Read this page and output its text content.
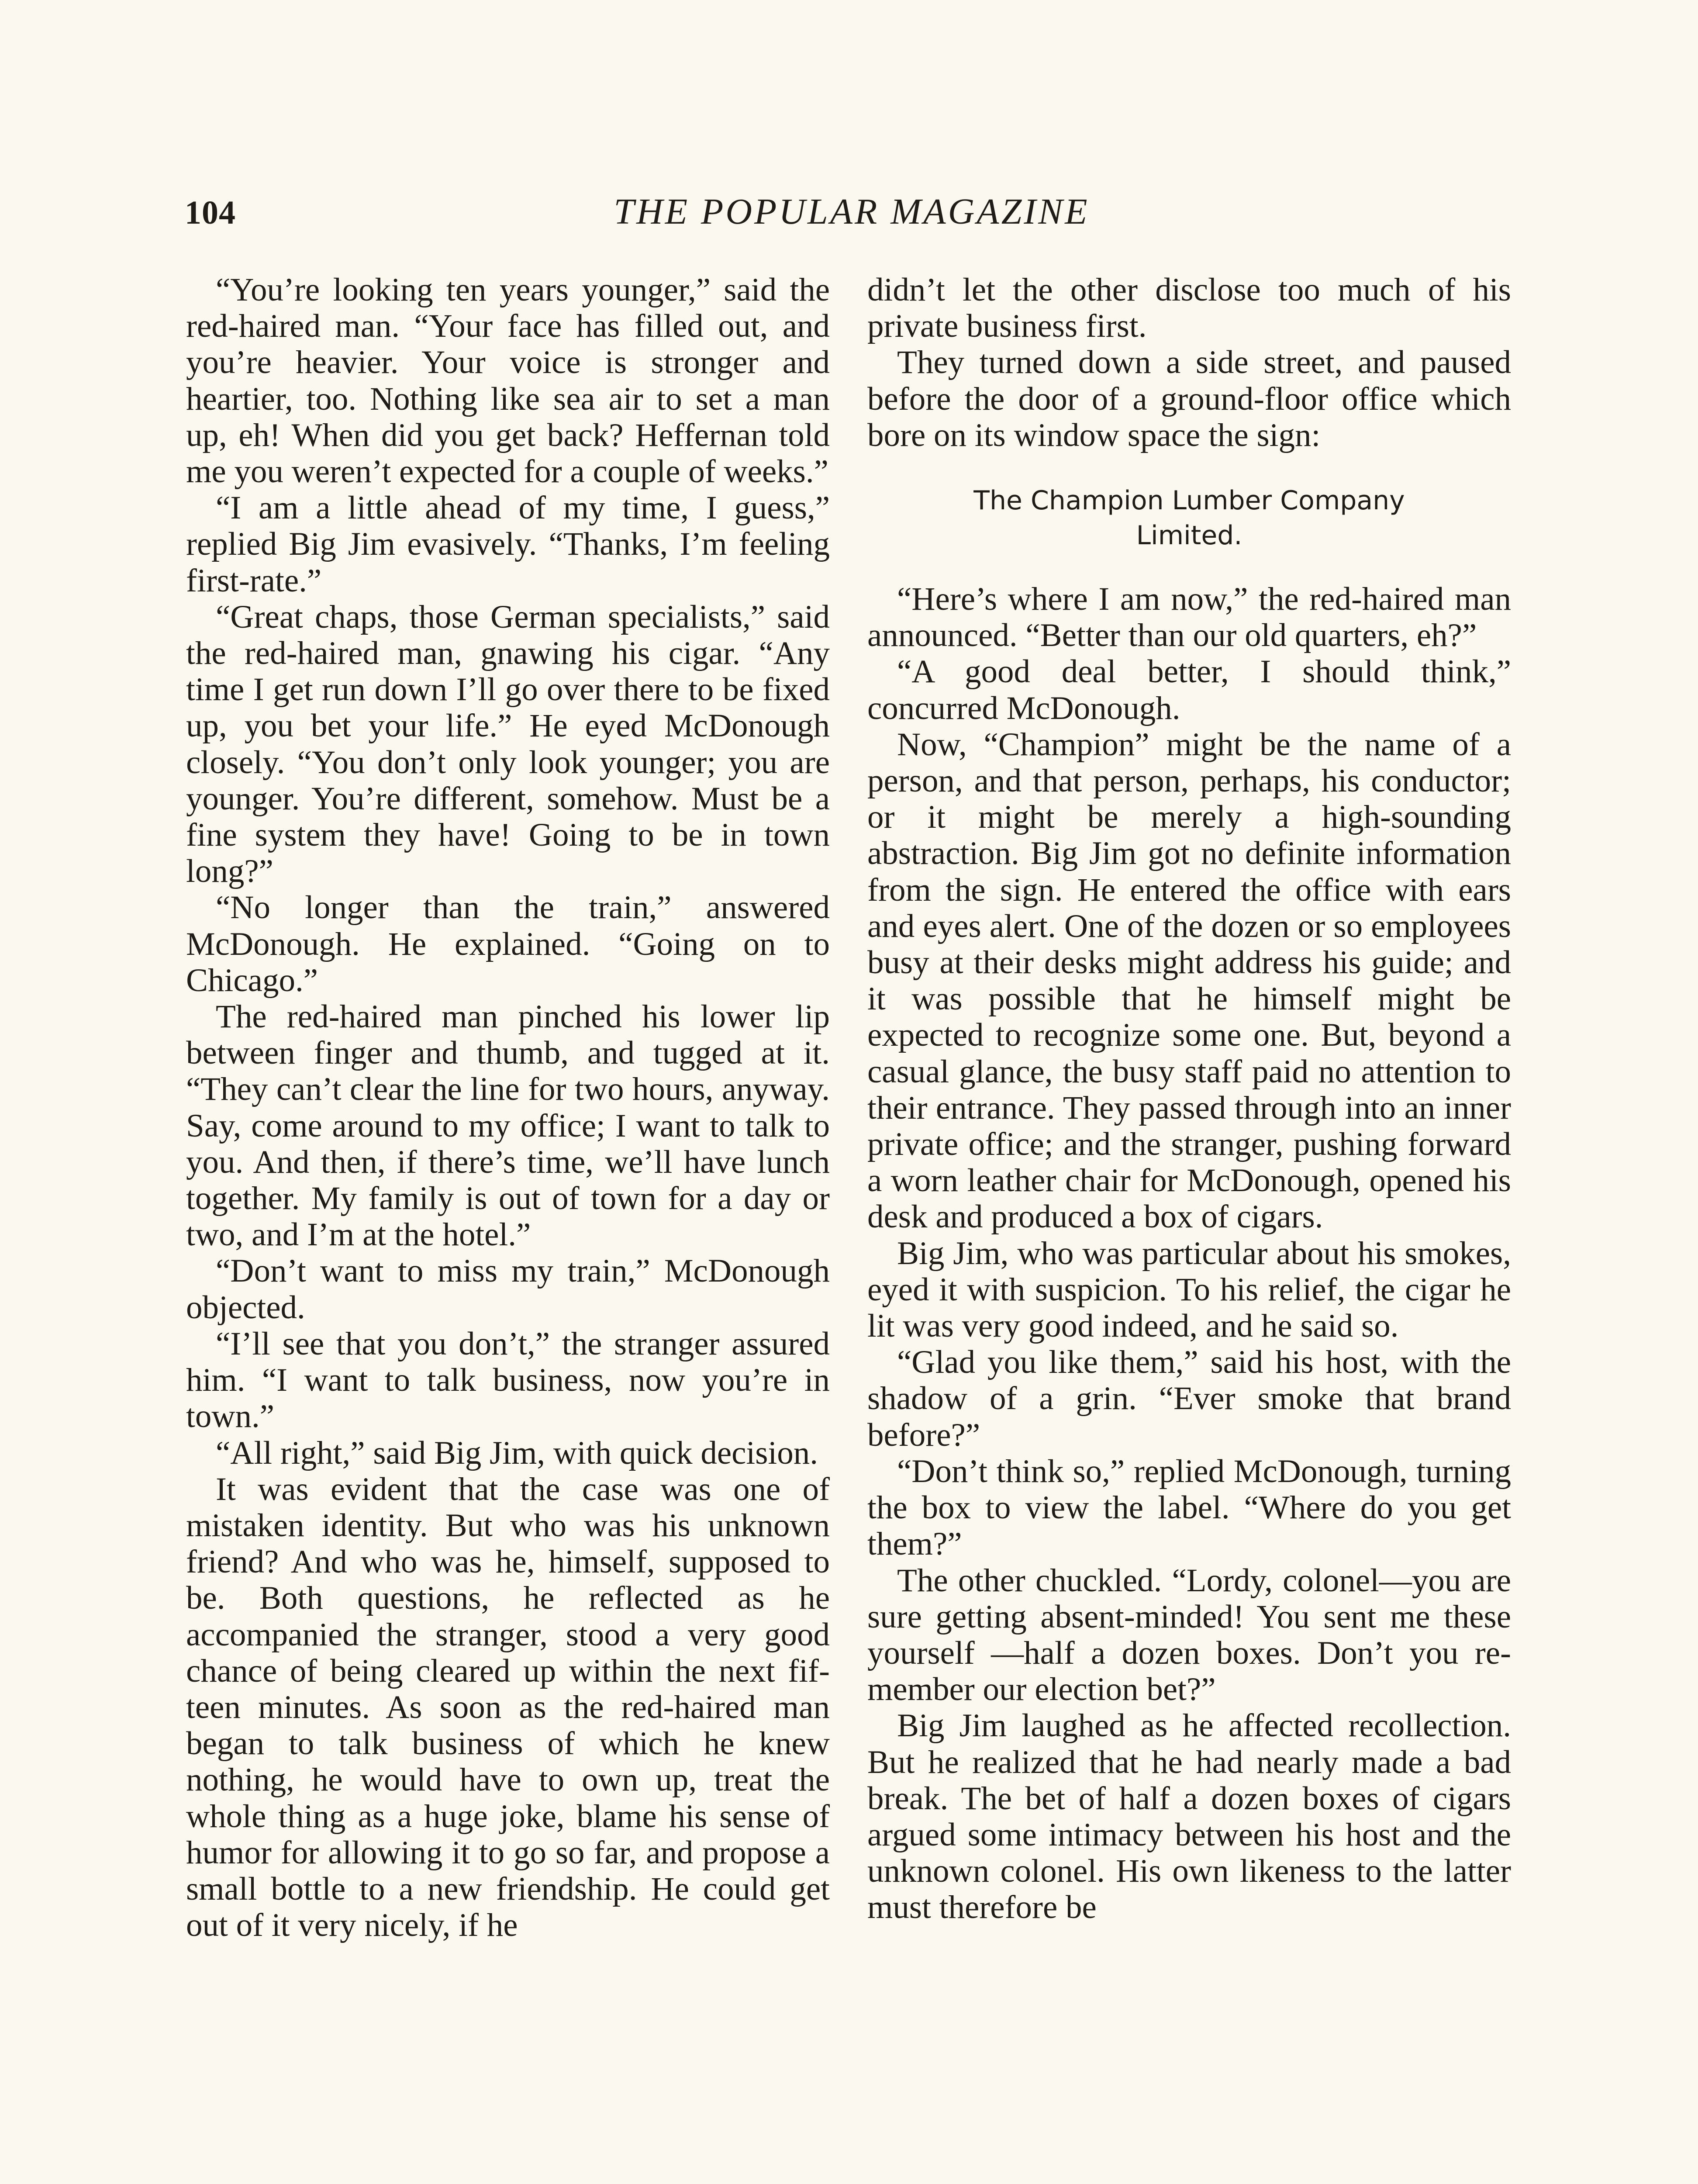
104	THE POPULAR MAGAZINE

“You’re looking ten years younger,” said the red-haired man. “Your face has filled out, and you’re heavier. Your voice is stronger and heartier, too. Nothing like sea air to set a man up, eh! When did you get back? Heffernan told me you weren’t expected for a couple of weeks.”

“I am a little ahead of my time, I guess,” replied Big Jim evasively. “Thanks, I’m feeling first-rate.”

“Great chaps, those German specialists,” said the red-haired man, gnawing his cigar. “Any time I get run down I’ll go over there to be fixed up, you bet your life.” He eyed McDonough closely. “You don’t only look younger; you are younger. You’re different, somehow. Must be a fine system they have! Going to be in town long?”

“No longer than the train,” answered McDonough. He explained. “Going on to Chicago.”

The red-haired man pinched his lower lip between finger and thumb, and tugged at it. “They can’t clear the line for two hours, anyway. Say, come around to my office; I want to talk to you. And then, if there’s time, we’ll have lunch together. My family is out of town for a day or two, and I’m at the hotel.”

“Don’t want to miss my train,” McDonough objected.

“I’ll see that you don’t,” the stranger assured him. “I want to talk business, now you’re in town.”

“All right,” said Big Jim, with quick decision.

It was evident that the case was one of mistaken identity. But who was his unknown friend? And who was he, himself, supposed to be. Both questions, he reflected as he accompanied the stranger, stood a very good chance of being cleared up within the next fifteen minutes. As soon as the red-haired man began to talk business of which he knew nothing, he would have to own up, treat the whole thing as a huge joke, blame his sense of humor for allowing it to go so far, and propose a small bottle to a new friendship. He could get out of it very nicely, if he

didn’t let the other disclose too much of his private business first.

They turned down a side street, and paused before the door of a ground-floor office which bore on its window space the sign:

The Champion Lumber Company
Limited.

“Here’s where I am now,” the red-haired man announced. “Better than our old quarters, eh?”

“A good deal better, I should think,” concurred McDonough.

Now, “Champion” might be the name of a person, and that person, perhaps, his conductor; or it might be merely a high-sounding abstraction. Big Jim got no definite information from the sign. He entered the office with ears and eyes alert. One of the dozen or so employees busy at their desks might address his guide; and it was possible that he himself might be expected to recognize some one. But, beyond a casual glance, the busy staff paid no attention to their entrance. They passed through into an inner private office; and the stranger, pushing forward a worn leather chair for McDonough, opened his desk and produced a box of cigars.

Big Jim, who was particular about his smokes, eyed it with suspicion. To his relief, the cigar he lit was very good indeed, and he said so.

“Glad you like them,” said his host, with the shadow of a grin. “Ever smoke that brand before?”

“Don’t think so,” replied McDonough, turning the box to view the label. “Where do you get them?”

The other chuckled. “Lordy, colonel—you are sure getting absent-minded! You sent me these yourself —half a dozen boxes. Don’t you remember our election bet?”

Big Jim laughed as he affected recollection. But he realized that he had nearly made a bad break. The bet of half a dozen boxes of cigars argued some intimacy between his host and the unknown colonel. His own likeness to the latter must therefore be
